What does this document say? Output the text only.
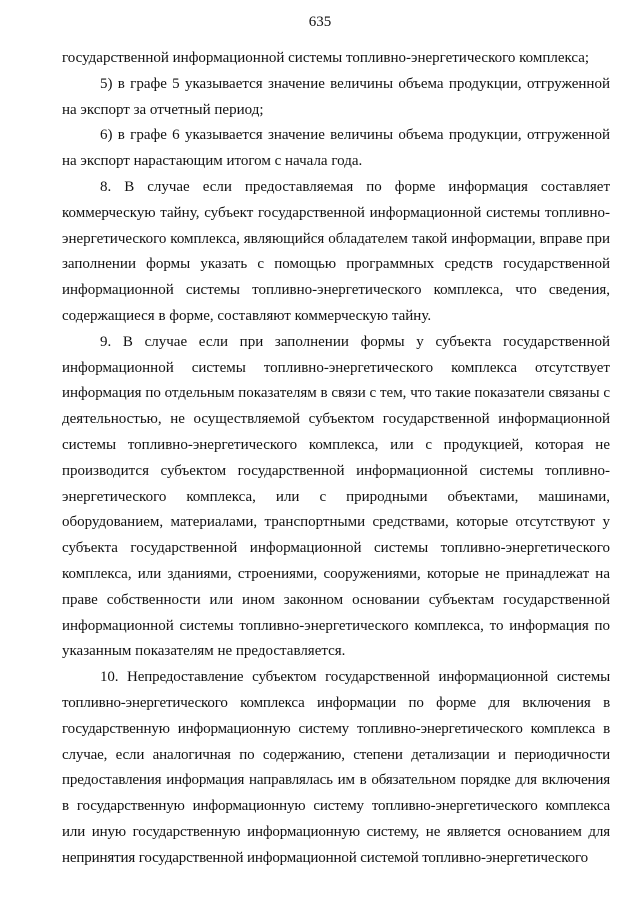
635

государственной информационной системы топливно-энергетического комплекса;

5) в графе 5 указывается значение величины объема продукции, отгруженной на экспорт за отчетный период;

6) в графе 6 указывается значение величины объема продукции, отгруженной на экспорт нарастающим итогом с начала года.

8. В случае если предоставляемая по форме информация составляет коммерческую тайну, субъект государственной информационной системы топливно-энергетического комплекса, являющийся обладателем такой информации, вправе при заполнении формы указать с помощью программных средств государственной информационной системы топливно-энергетического комплекса, что сведения, содержащиеся в форме, составляют коммерческую тайну.

9. В случае если при заполнении формы у субъекта государственной информационной системы топливно-энергетического комплекса отсутствует информация по отдельным показателям в связи с тем, что такие показатели связаны с деятельностью, не осуществляемой субъектом государственной информационной системы топливно-энергетического комплекса, или с продукцией, которая не производится субъектом государственной информационной системы топливно-энергетического комплекса, или с природными объектами, машинами, оборудованием, материалами, транспортными средствами, которые отсутствуют у субъекта государственной информационной системы топливно-энергетического комплекса, или зданиями, строениями, сооружениями, которые не принадлежат на праве собственности или ином законном основании субъектам государственной информационной системы топливно-энергетического комплекса, то информация по указанным показателям не предоставляется.

10. Непредоставление субъектом государственной информационной системы топливно-энергетического комплекса информации по форме для включения в государственную информационную систему топливно-энергетического комплекса в случае, если аналогичная по содержанию, степени детализации и периодичности предоставления информация направлялась им в обязательном порядке для включения в государственную информационную систему топливно-энергетического комплекса или иную государственную информационную систему, не является основанием для непринятия государственной информационной системой топливно-энергетического
